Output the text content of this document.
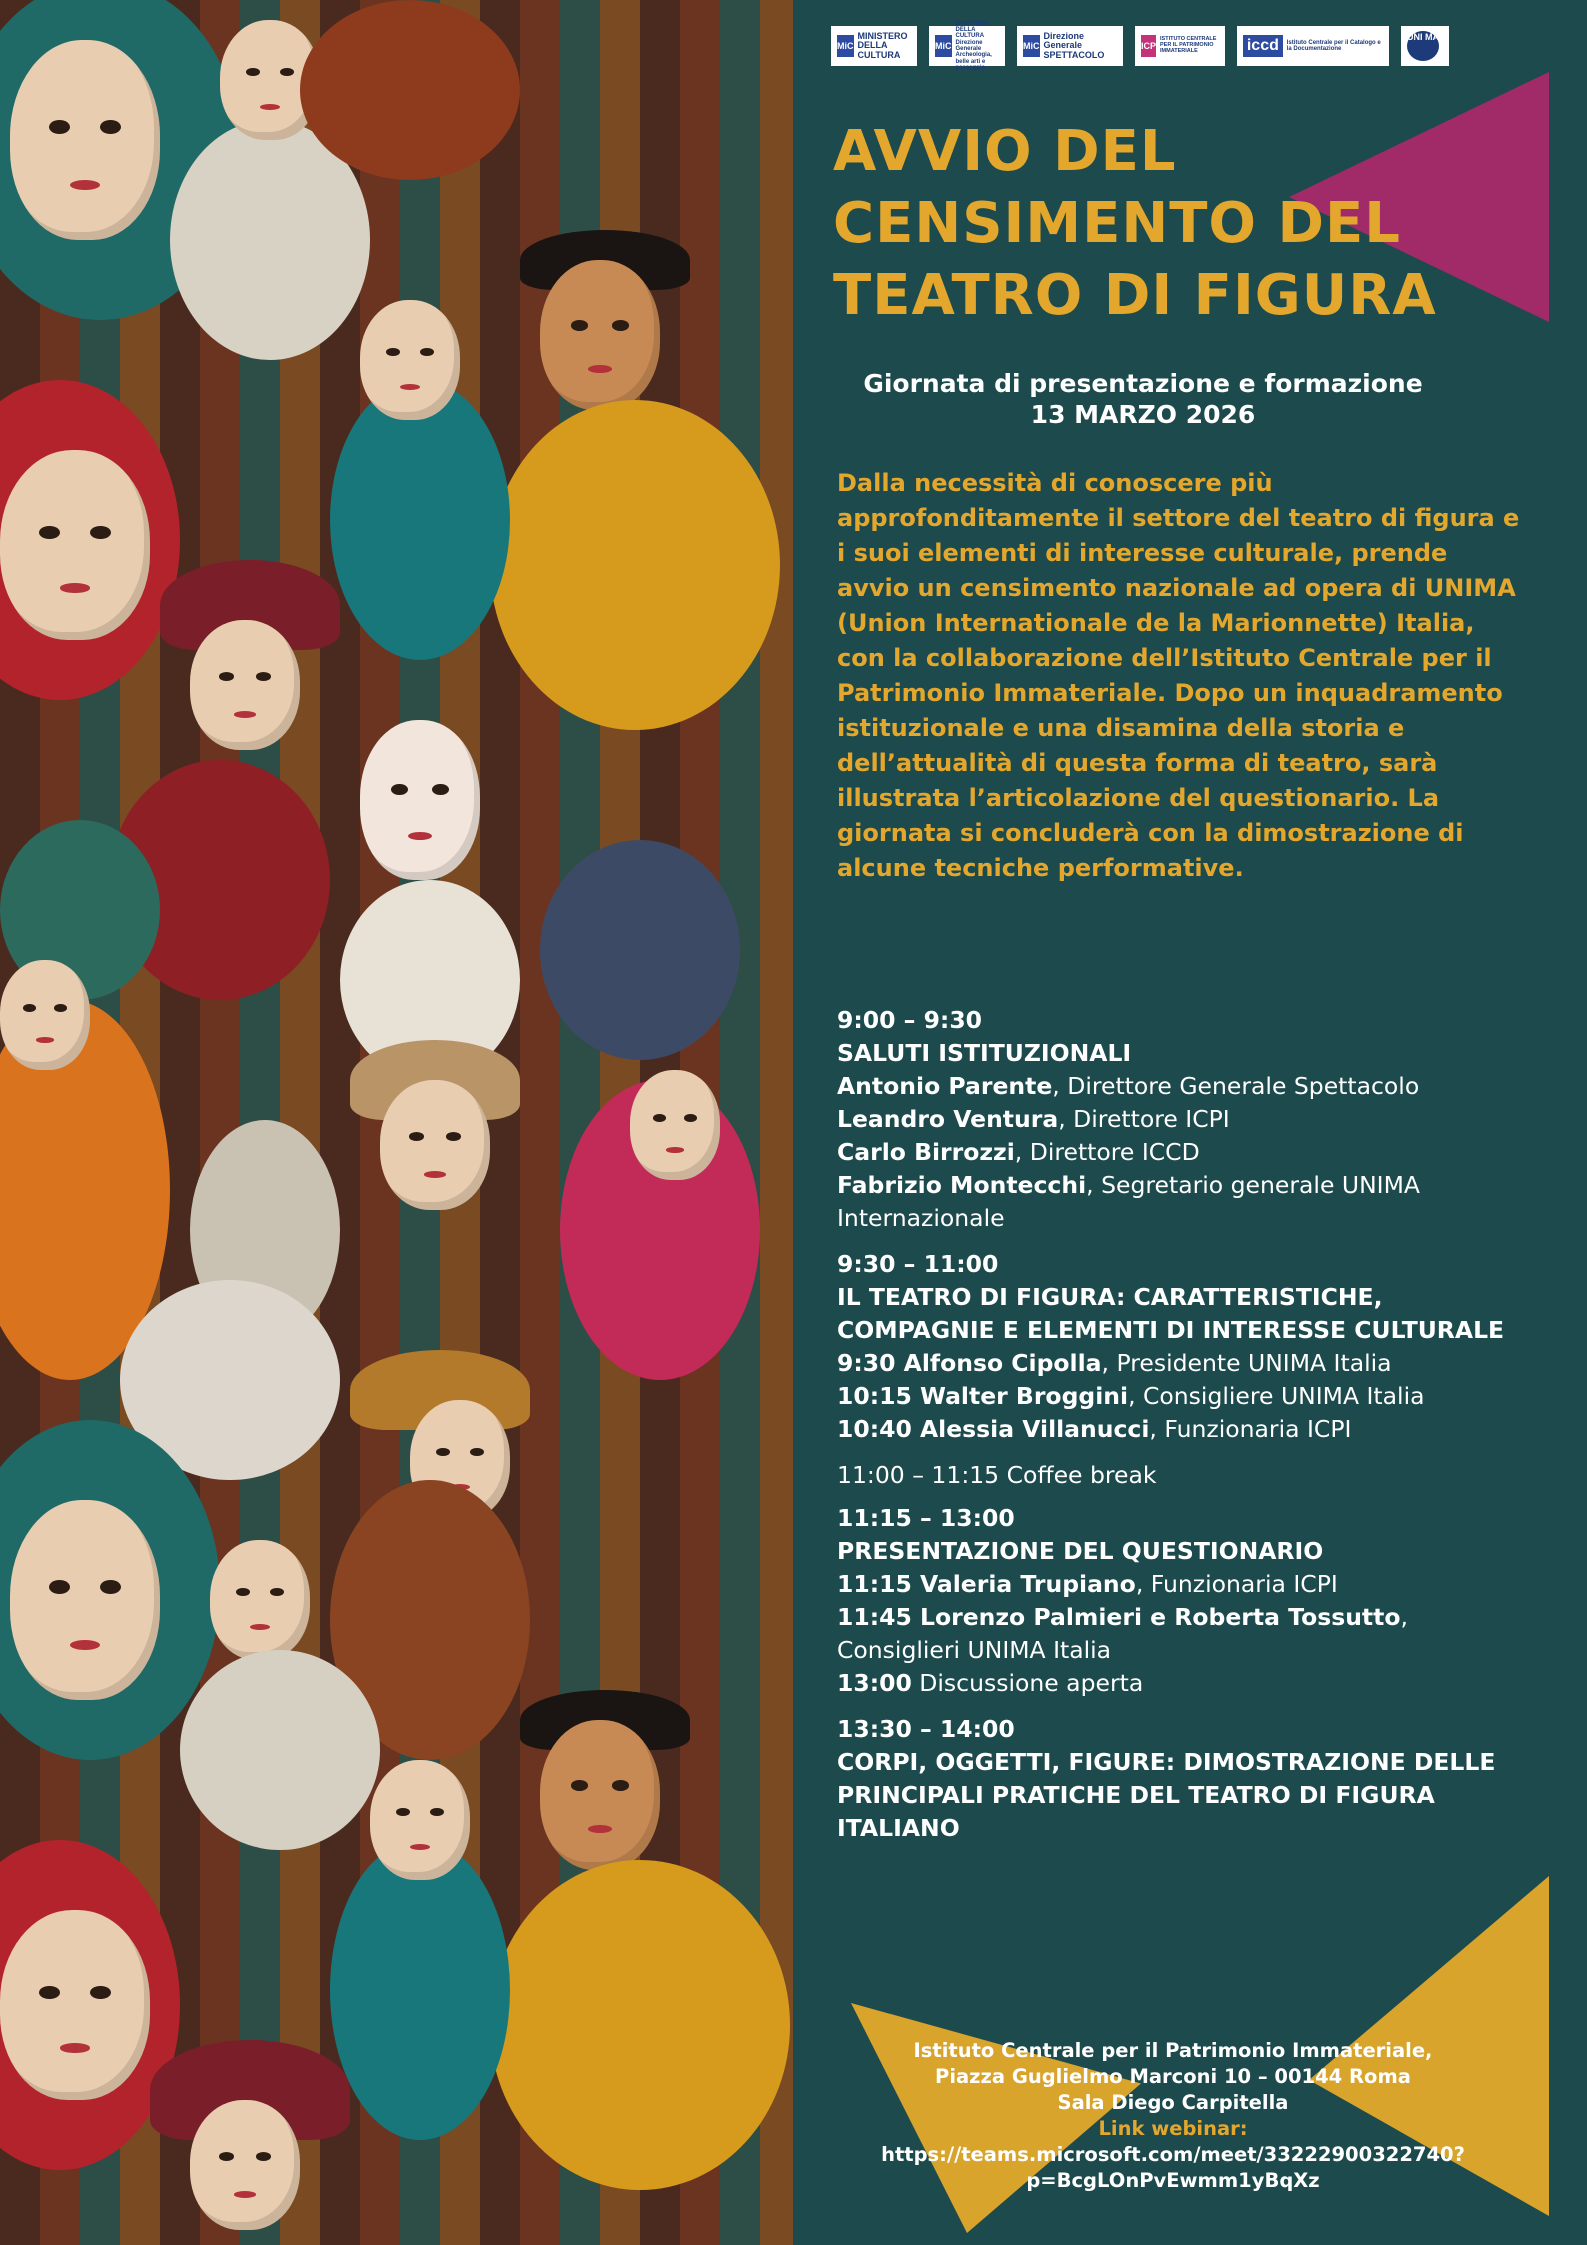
MiC
MINISTERO DELLA CULTURA
MiC
MINISTERO DELLA CULTURA Direzione Generale Archeologia, belle arti e paesaggio
MiC
Direzione Generale SPETTACOLO
ICP
ISTITUTO CENTRALE PER IL PATRIMONIO IMMATERIALE	iccd	Istituto Centrale per il Catalogo e la Documentazione
UNI MA
AVVIO DEL
CENSIMENTO DEL
TEATRO DI FIGURA
Giornata di presentazione e formazione
13 MARZO 2026

Dalla necessità di conoscere più approfonditamente il settore del teatro di figura e i suoi elementi di interesse culturale, prende avvio un censimento nazionale ad opera di UNIMA (Union Internationale de la Marionnette) Italia, con la collaborazione dell’Istituto Centrale per il Patrimonio Immateriale. Dopo un inquadramento istituzionale e una disamina della storia e dell’attualità di questa forma di teatro, sarà illustrata l’articolazione del questionario. La giornata si concluderà con la dimostrazione di alcune tecniche performative.

9:00 – 9:30
SALUTI ISTITUZIONALI
Antonio Parente, Direttore Generale Spettacolo
Leandro Ventura, Direttore ICPI
Carlo Birrozzi, Direttore ICCD
Fabrizio Montecchi, Segretario generale UNIMA Internazionale
9:30 – 11:00
IL TEATRO DI FIGURA: CARATTERISTICHE, COMPAGNIE E ELEMENTI DI INTERESSE CULTURALE
9:30 Alfonso Cipolla, Presidente UNIMA Italia
10:15 Walter Broggini, Consigliere UNIMA Italia
10:40 Alessia Villanucci, Funzionaria ICPI
11:00 – 11:15 Coffee break
11:15 – 13:00
PRESENTAZIONE DEL QUESTIONARIO
11:15 Valeria Trupiano, Funzionaria ICPI
11:45 Lorenzo Palmieri e Roberta Tossutto, Consiglieri UNIMA Italia
13:00 Discussione aperta
13:30 – 14:00
CORPI, OGGETTI, FIGURE: DIMOSTRAZIONE DELLE PRINCIPALI PRATICHE DEL TEATRO DI FIGURA ITALIANO
Istituto Centrale per il Patrimonio Immateriale,
Piazza Guglielmo Marconi 10 – 00144 Roma
Sala Diego Carpitella
Link webinar:
https://teams.microsoft.com/meet/33222900322740?
p=BcgLOnPvEwmm1yBqXz
